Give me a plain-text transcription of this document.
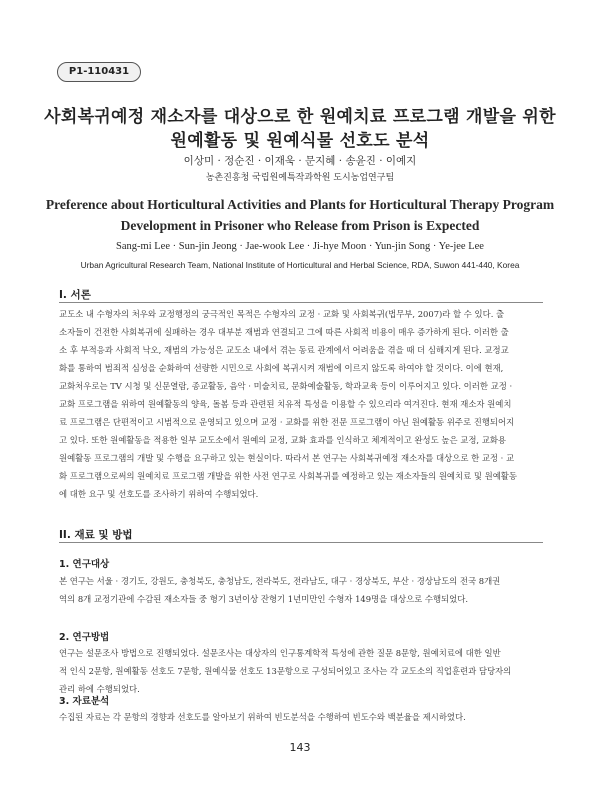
P1-110431

사회복귀예정 재소자를 대상으로 한 원예치료 프로그램 개발을 위한

원예활동 및 원예식물 선호도 분석

이상미 · 정순진 · 이재욱 · 문지혜 · 송윤진 · 이예지

농촌진흥청 국립원예특작과학원 도시농업연구팀

Preference about Horticultural Activities and Plants for Horticultural Therapy Program

Development in Prisoner who Release from Prison is Expected

Sang-mi Lee · Sun-jin Jeong · Jae-wook Lee · Ji-hye Moon · Yun-jin Song · Ye-jee Lee

Urban Agricultural Research Team, National Institute of Horticultural and Herbal Science, RDA, Suwon 441-440, Korea

I. 서론

교도소 내 수형자의 처우와 교정행정의 궁극적인 목적은 수형자의 교정 · 교화 및 사회복귀(법무부, 2007)라 할 수 있다. 출

소자들이 건전한 사회복귀에 실패하는 경우 대부분 재범과 연결되고 그에 따른 사회적 비용이 매우 증가하게 된다. 이러한 출

소 후 부적응과 사회적 낙오, 재범의 가능성은 교도소 내에서 겪는 동료 관계에서 어려움을 겪을 때 더 심해지게 된다. 교정교

화를 통하여 범죄적 심성을 순화하여 선량한 시민으로 사회에 복귀시켜 재범에 이르지 않도록 하여야 할 것이다. 이에 현재,

교화처우로는 TV 시청 및 신문열람, 종교활동, 음악 · 미술치료, 문화예술활동, 학과교육 등이 이루어지고 있다. 이러한 교정 ·

교화 프로그램을 위하여 원예활동의 양육, 돌봄 등과 관련된 치유적 특성을 이용할 수 있으리라 여겨진다. 현재 재소자 원예치

료 프로그램은 단편적이고 시범적으로 운영되고 있으며 교정 · 교화를 위한 전문 프로그램이 아닌 원예활동 위주로 진행되어지

고 있다. 또한 원예활동을 적용한 일부 교도소에서 원예의 교정, 교화 효과를 인식하고 체계적이고 완성도 높은 교정, 교화용

원예활동 프로그램의 개발 및 수행을 요구하고 있는 현실이다. 따라서 본 연구는 사회복귀예정 재소자를 대상으로 한 교정 · 교

화 프로그램으로써의 원예치료 프로그램 개발을 위한 사전 연구로 사회복귀를 예정하고 있는 재소자들의 원예치료 및 원예활동

에 대한 요구 및 선호도를 조사하기 위하여 수행되었다.

II. 재료 및 방법

1. 연구대상

본 연구는 서울 · 경기도, 강원도, 충청북도, 충청남도, 전라북도, 전라남도, 대구 · 경상북도, 부산 · 경상남도의 전국 8개권

역의 8개 교정기관에 수감된 재소자들 중 형기 3년이상 잔형기 1년미만인 수형자 149명을 대상으로 수행되었다.

2. 연구방법

연구는 설문조사 방법으로 진행되었다. 설문조사는 대상자의 인구통계학적 특성에 관한 질문 8문항, 원예치료에 대한 일반

적 인식 2문항, 원예활동 선호도 7문항, 원예식물 선호도 13문항으로 구성되어있고 조사는 각 교도소의 직업훈련과 담당자의

관리 하에 수행되었다.

3. 자료분석

수집된 자료는 각 문항의 경향과 선호도를 알아보기 위하여 빈도분석을 수행하여 빈도수와 백분율을 제시하였다.

143
